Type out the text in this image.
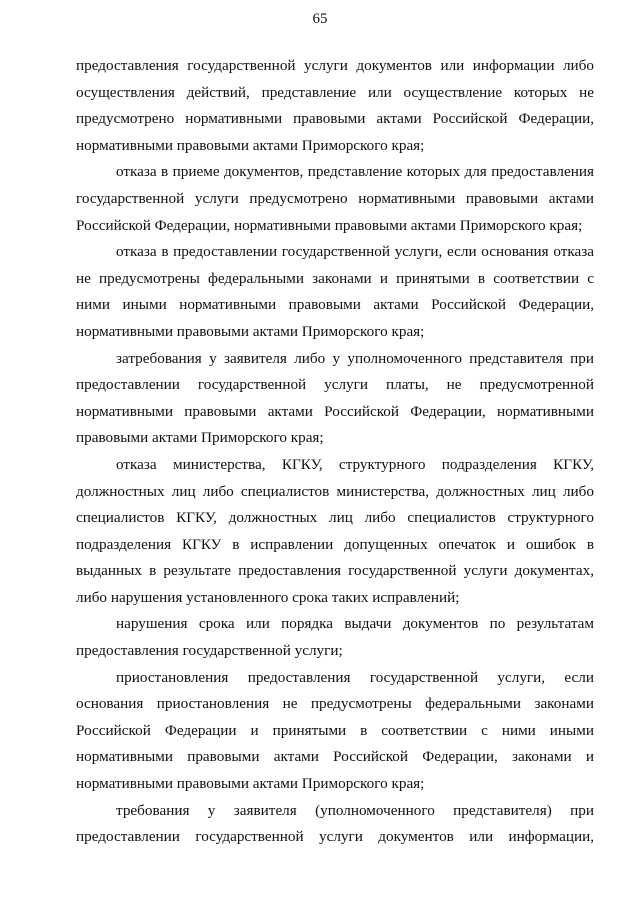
65

предоставления государственной услуги документов или информации либо осуществления действий, представление или осуществление которых не предусмотрено нормативными правовыми актами Российской Федерации, нормативными правовыми актами Приморского края;

отказа в приеме документов, представление которых для предоставления государственной услуги предусмотрено нормативными правовыми актами Российской Федерации, нормативными правовыми актами Приморского края;

отказа в предоставлении государственной услуги, если основания отказа не предусмотрены федеральными законами и принятыми в соответствии с ними иными нормативными правовыми актами Российской Федерации, нормативными правовыми актами Приморского края;

затребования у заявителя либо у уполномоченного представителя при предоставлении государственной услуги платы, не предусмотренной нормативными правовыми актами Российской Федерации, нормативными правовыми актами Приморского края;

отказа министерства, КГКУ, структурного подразделения КГКУ, должностных лиц либо специалистов министерства, должностных лиц либо специалистов КГКУ, должностных лиц либо специалистов структурного подразделения КГКУ в исправлении допущенных опечаток и ошибок в выданных в результате предоставления государственной услуги документах, либо нарушения установленного срока таких исправлений;

нарушения срока или порядка выдачи документов по результатам предоставления государственной услуги;

приостановления предоставления государственной услуги, если основания приостановления не предусмотрены федеральными законами Российской Федерации и принятыми в соответствии с ними иными нормативными правовыми актами Российской Федерации, законами и нормативными правовыми актами Приморского края;

требования у заявителя (уполномоченного представителя) при предоставлении государственной услуги документов или информации,
